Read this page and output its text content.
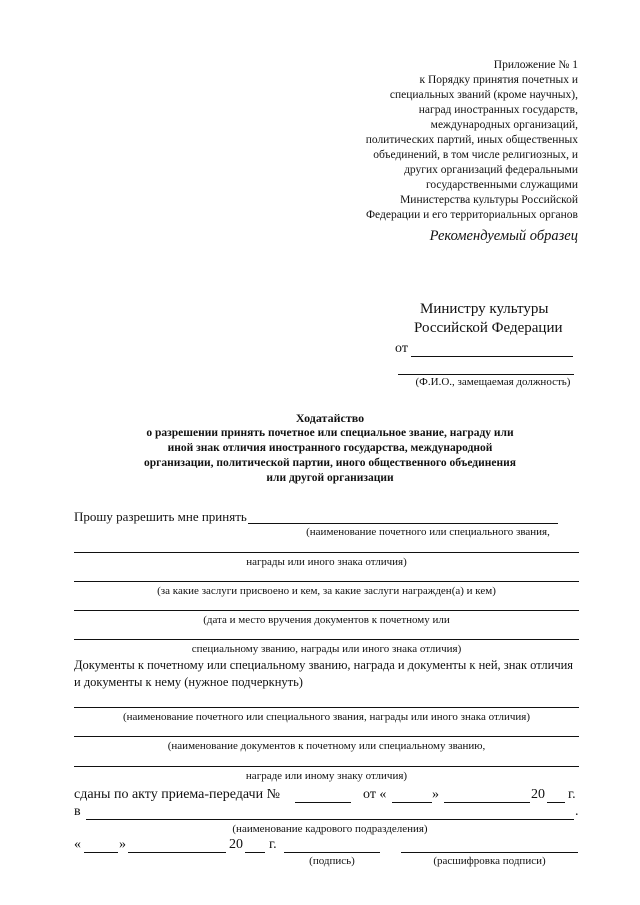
Приложение № 1
к Порядку принятия почетных и
специальных званий (кроме научных),
наград иностранных государств,
международных организаций,
политических партий, иных общественных
объединений, в том числе религиозных, и
других организаций федеральными
государственными служащими
Министерства культуры Российской
Федерации и его территориальных органов
Рекомендуемый образец
Министру культуры
Российской Федерации
от
(Ф.И.О., замещаемая должность)
Ходатайство
о разрешении принять почетное или специальное звание, награду или
иной знак отличия иностранного государства, международной
организации, политической партии, иного общественного объединения
или другой организации
Прошу разрешить мне принять
(наименование почетного или специального звания,
награды или иного знака отличия)
(за какие заслуги присвоено и кем, за какие заслуги награжден(а) и кем)
(дата и место вручения документов к почетному или
специальному званию, награды или иного знака отличия)
Документы к почетному или специальному званию, награда и документы к ней, знак отличия
и документы к нему (нужное подчеркнуть)
(наименование почетного или специального звания, награды или иного знака отличия)
(наименование документов к почетному или специальному званию,
награде или иному знаку отличия)
сданы по акту приема-передачи №	от «	»	20 г.
в	.
(наименование кадрового подразделения)
«	»	20 г.
(подпись)	(расшифровка подписи)
